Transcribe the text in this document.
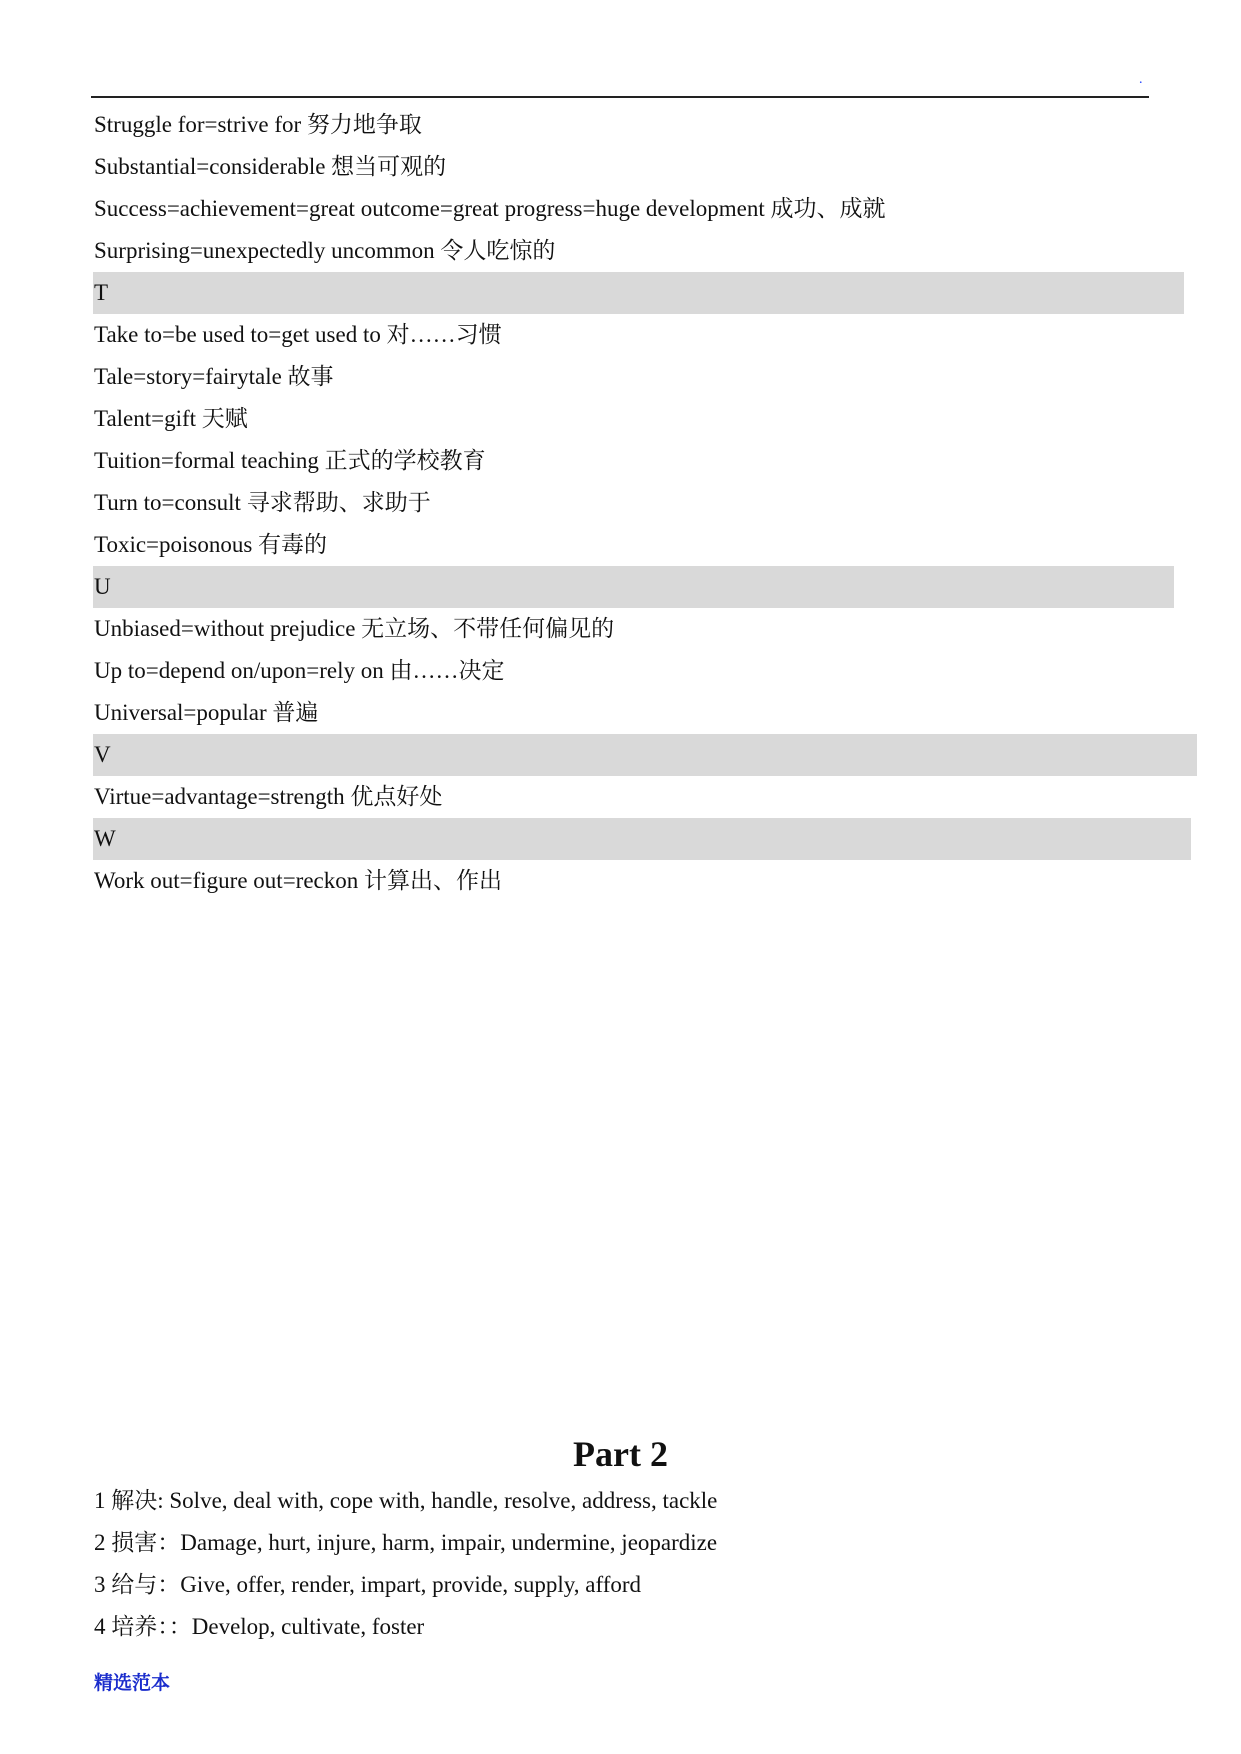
.
Struggle for=strive for 努力地争取
Substantial=considerable 想当可观的
Success=achievement=great outcome=great progress=huge development 成功、成就
Surprising=unexpectedly uncommon 令人吃惊的
T
Take to=be used to=get used to 对……习惯
Tale=story=fairytale 故事
Talent=gift 天赋
Tuition=formal teaching 正式的学校教育
Turn to=consult 寻求帮助、求助于
Toxic=poisonous 有毒的
U
Unbiased=without prejudice 无立场、不带任何偏见的
Up to=depend on/upon=rely on 由……决定
Universal=popular 普遍
V
Virtue=advantage=strength 优点好处
W
Work out=figure out=reckon 计算出、作出
Part 2
1 解决: Solve, deal with, cope with, handle, resolve, address, tackle
2 损害：Damage, hurt, injure, harm, impair, undermine, jeopardize
3 给与：Give, offer, render, impart, provide, supply, afford
4 培养：：Develop, cultivate, foster
精选范本
